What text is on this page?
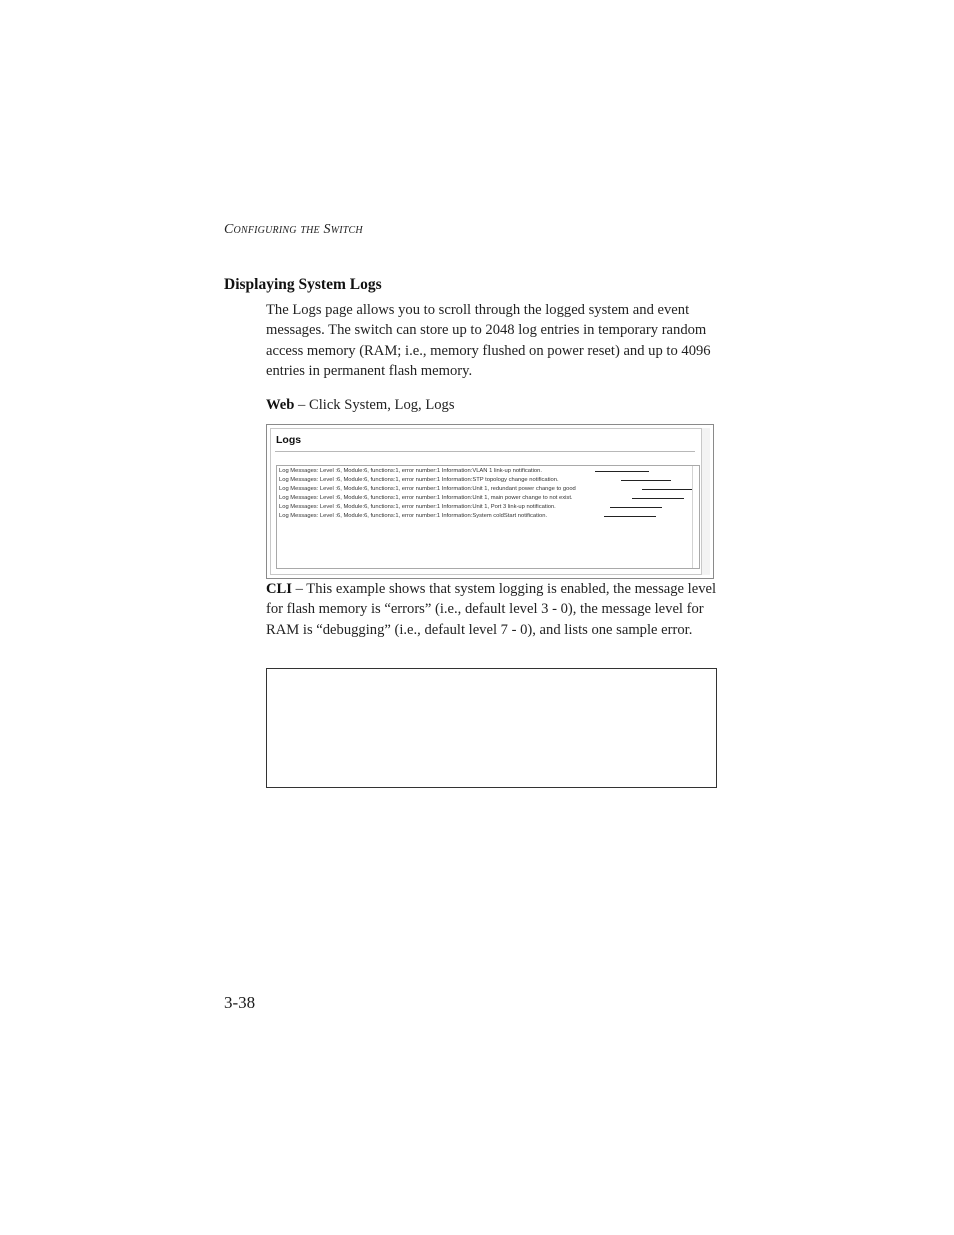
Configuring the Switch
Displaying System Logs
The Logs page allows you to scroll through the logged system and event messages. The switch can store up to 2048 log entries in temporary random access memory (RAM; i.e., memory flushed on power reset) and up to 4096 entries in permanent flash memory.
Web – Click System, Log, Logs
Logs
Log Messages: Level :6, Module:6, functions:1, error number:1 Information:VLAN 1 link-up notification.
Log Messages: Level :6, Module:6, functions:1, error number:1 Information:STP topology change notification.
Log Messages: Level :6, Module:6, functions:1, error number:1 Information:Unit 1, redundant power change to good
Log Messages: Level :6, Module:6, functions:1, error number:1 Information:Unit 1, main power change to not exist.
Log Messages: Level :6, Module:6, functions:1, error number:1 Information:Unit 1, Port 3 link-up notification.
Log Messages: Level :6, Module:6, functions:1, error number:1 Information:System coldStart notification.
CLI – This example shows that system logging is enabled, the message level for flash memory is “errors” (i.e., default level 3 - 0), the message level for RAM is “debugging” (i.e., default level 7 - 0), and lists one sample error.
3-38
